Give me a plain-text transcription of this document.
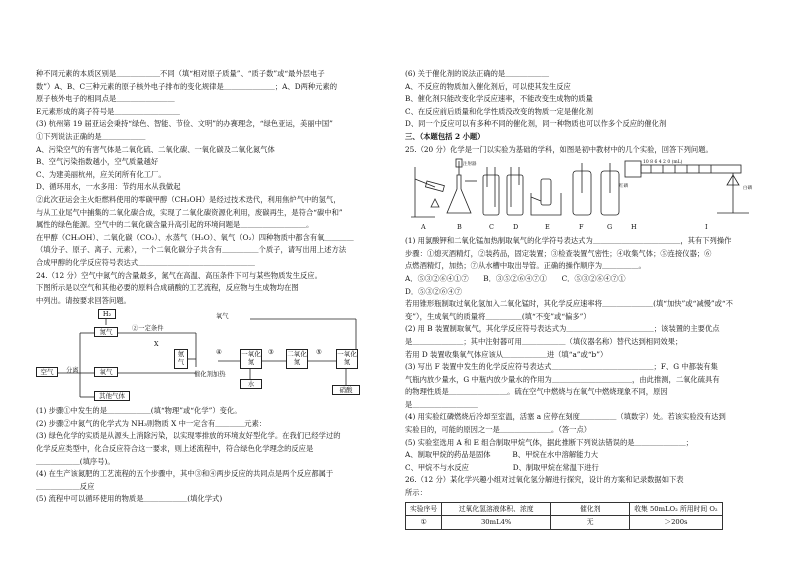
种不同元素的本质区别是＿＿＿＿＿＿不同（填“相对原子质量”、“质子数”或“最外层电子
数”）A、B、C三种元素的原子核外电子排布的变化规律是＿＿＿＿＿＿＿；A、D两种元素的
原子核外电子的相同点是＿＿＿＿＿＿＿＿
E元素形成的离子符号是＿＿＿＿＿＿＿＿＿
(3) 杭州第 19 届亚运会秉持“绿色、智能、节俭、文明”的办赛理念，“绿色亚运，美丽中国”
①下列说法正确的是＿＿＿＿＿＿
A、污染空气的有害气体是二氧化硫、二氧化碳、一氧化碳及二氧化氮气体
B、空气污染指数越小，空气质量越好
C、为建美丽杭州，应关闭所有化工厂。
D、循环用水，一水多用：节约用水从我做起
②此次亚运会主火炬燃料使用的零碳甲醇（CH₃OH）是经过技术迭代，利用焦炉气中的氢气，
与从工业尾气中捕集的二氧化碳合成，实现了二氧化碳资源化利用，废碳再生，是符合“碳中和”
属性的绿色能源。空气中的二氧化碳含量升高引起的环境问题是＿＿＿＿＿＿＿＿＿。
在甲醇（CH₃OH）、二氧化碳（CO₂）、水蒸气（H₂O）、氧气（O₂）四种物质中都含有氧＿＿＿＿
（填分子、原子、离子、元素），一个二氧化碳分子共含有＿＿＿＿＿个质子，请写出用上述方法
合成甲醇的化学反应符号表达式＿＿＿＿＿＿＿＿＿＿＿＿＿＿＿＿
24.（12 分）空气中氮气的含量最多，氮气在高温、高压条件下可与某些物质发生反应。
下图所示是以空气和其他必要的原料合成硝酸的工艺流程，反应物与生成物均在图
中列出。请按要求回答问题。
空气	分离
氮气
氧气
其他气体
H₂
②一定条件
X
氨气
催化剂加热
④	一氧化氮
水
③ 二氧化氮
⑤ 一氧化氮
硝酸
氧气
(1) 步骤①中发生的是＿＿＿＿＿＿(填“物理”或“化学”）变化。
(2) 步骤②中氮气的化学式为 NH₃则物质 X 中一定含有＿＿＿＿元素：
(3) 绿色化学的实质是从源头上消除污染，以实现零排放的环境友好型化学。在我们已经学过的
化学反应类型中，化合反应符合这一要求，则上述流程中，符合绿色化学理念的反应是
＿＿＿＿＿＿(填序号)。
(4) 在生产该氮肥的工艺流程的五个步骤中，其中③和④两步反应的共同点是两个反应都属于
＿＿＿＿＿＿反应
(5) 流程中可以循环使用的物质是＿＿＿＿＿＿(填化学式)
(6) 关于催化剂的说法正确的是＿＿＿＿＿＿
A、不反应的物质加入催化剂后，可以使其发生反应
B、催化剂只能改变化学反应速率，不能改变生成物的质量
C、在反应前后质量和化学性质没改变的物质一定是催化剂
D、同一个反应可以有多种不同的催化剂，同一种物质也可以作多个反应的催化剂
三、（本题包括 2 小题）
25.（20 分）化学是一门以实验为基础的学科，如图是初中教材中的几个实验，回答下列问题。
A	B	C	D	E	F	G	H	I
10 8 6 4 2 0 (mL)
注射器
红磷	白磷
(1) 用氯酸钾和二氧化锰加热制取氧气的化学符号表达式为＿＿＿＿＿＿＿＿＿＿＿＿，其有下列操作
步骤：①熄灭酒精灯，②装药品，固定装置；③检查装置气密性；④收集气体；⑤连接仪器；⑥
点燃酒精灯，加热；⑦从水槽中取出导管。正确的操作顺序为＿＿＿＿＿。
A．⑤③②⑥④①⑦　　B．③⑤②⑥④⑦①　　C．⑤③②⑥④⑦①
D．⑤③②⑥④⑦
若用锥形瓶制取过氧化氢加入二氧化锰时，其化学反应速率将＿＿＿＿＿＿＿(填“加快”或“减慢”或“不
变”），生成氧气的质量将＿＿＿＿＿(填“不变”或“偏多”）
(2) 用 B 装置制取氧气，其化学反应符号表达式为＿＿＿＿＿＿＿＿＿＿＿＿；该装置的主要优点
是＿＿＿＿＿＿＿；其中注射器可用＿＿＿＿＿＿（填仪器名称）替代达到相同效果；
若用 D 装置收集氧气体应该从＿＿＿＿＿＿进（填“a”或“b”）
(3) 写出 F 装置中发生的化学反应符号表达式＿＿＿＿＿＿＿＿＿＿＿＿＿＿；F、G 中都装有集
气瓶内放少量水，G 中瓶内放少量水的作用为＿＿＿＿＿＿＿＿＿＿＿，由此推测，二氧化硫具有
的物理性质是＿＿＿＿＿＿＿＿。硫在空气中燃烧与在氧气中燃烧现象不同，原因
是＿＿＿＿＿＿＿＿＿
(4) 用实验红磷燃烧后冷却至室温，活塞 a 应停在刻度＿＿＿＿＿（填数字）处。若该实验没有达到
实验目的，可能的原因之一是＿＿＿＿＿＿＿。（答一点）
(5) 实验室选用 A 和 E 组合制取甲烷气体，据此推断下列说法错误的是＿＿＿＿＿＿＿；
A、制取甲烷的药品是固体　　　B、甲烷在水中溶解能力大
C、甲烷不与水反应　　　　　　D、制取甲烷在常温下进行
26.（12 分）某化学兴趣小组对过氧化氢分解进行探究，设计的方案和记录数据如下表
所示：
实验序号	过氧化氢溶液体积、浓度	催化剂	收集 50mLO₂ 所用时间 O₂
①	30mL4%	无	＞200s
